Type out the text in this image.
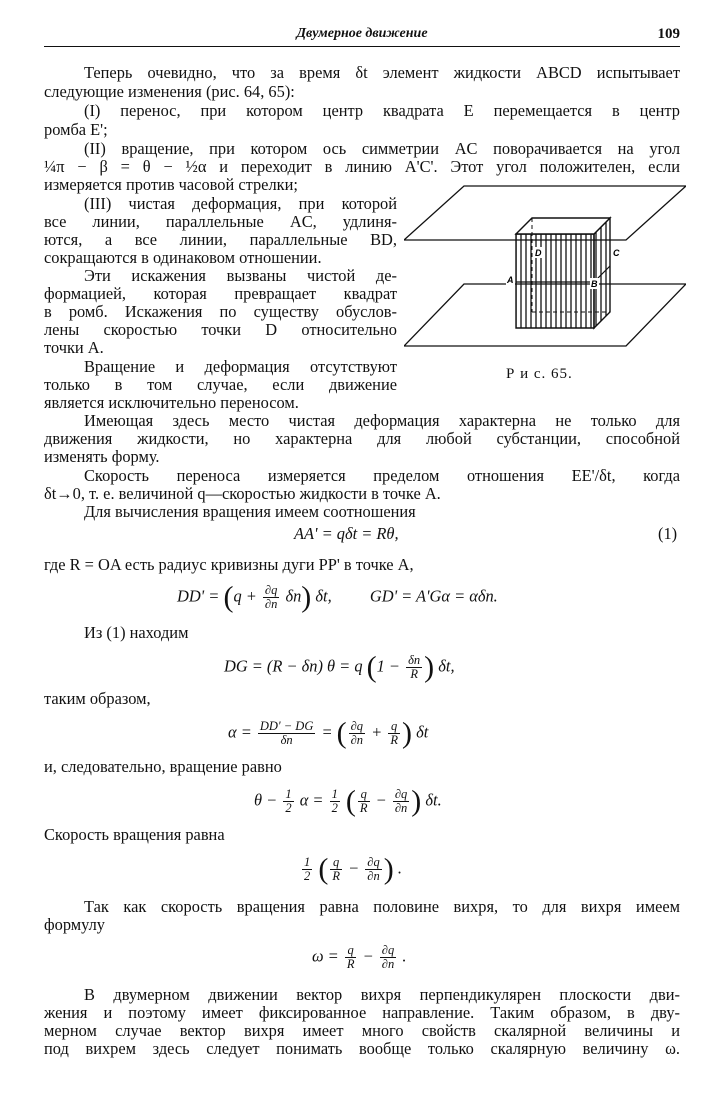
Двумерное движение	109
Теперь очевидно, что за время δt элемент жидкости ABCD испытывает
следующие изменения (рис. 64, 65):
(I) перенос, при котором центр квадрата E перемещается в центр
ромба E';
(II) вращение, при котором ось симметрии AC поворачивается на угол
¼π − β = θ − ½α и переходит в линию A'C'. Этот угол положителен, если
измеряется против часовой стрелки;
(III) чистая деформация, при которой
все линии, параллельные AC, удлиня-
ются, а все линии, параллельные BD,
сокращаются в одинаковом отношении.
Эти искажения вызваны чистой де-
формацией, которая превращает квадрат
в ромб. Искажения по существу обуслов-
лены скоростью точки D относительно
точки A.
Вращение и деформация отсутствуют
только в том случае, если движение
является исключительно переносом.
D	C
A	B
Р и с. 65.
Имеющая здесь место чистая деформация характерна не только для
движения жидкости, но характерна для любой субстанции, способной
изменять форму.
Скорость переноса измеряется пределом отношения EE'/δt, когда
δt→0, т. е. величиной q—скоростью жидкости в точке A.
Для вычисления вращения имеем соотношения
AA' = qδt = Rθ,	(1)
где R = OA есть радиус кривизны дуги PP' в точке A,
$DD' = (q + \frac{\partial q}{\partial n} \delta n)$ δt, GD' = A'Gα = αδn.
Из (1) находим
DG = (R − δn) θ = q ($1 - \frac{\delta n}{R}$ ) δt,
таким образом,
$\alpha = \frac{DD' - DG}{\delta n}$ = ( $\frac{\partial q}{\partial n} + \frac{q}{R}$ ) δt
и, следовательно, вращение равно
$\theta - \frac{1}{2}$ $\alpha = \frac{1}{2}$ ( $\frac{q}{R} - \frac{\partial q}{\partial n}$ ) δt.
Скорость вращения равна
$\frac{1}{2}$ ( $\frac{q}{R} - \frac{\partial q}{\partial n}$ ) .
Так как скорость вращения равна половине вихря, то для вихря имеем
формулу
$\omega = \frac{q}{R} - \frac{\partial q}{\partial n}$ .
В двумерном движении вектор вихря перпендикулярен плоскости дви-
жения и поэтому имеет фиксированное направление. Таким образом, в дву-
мерном случае вектор вихря имеет много свойств скалярной величины и
под вихрем здесь следует понимать вообще только скалярную величину ω.
